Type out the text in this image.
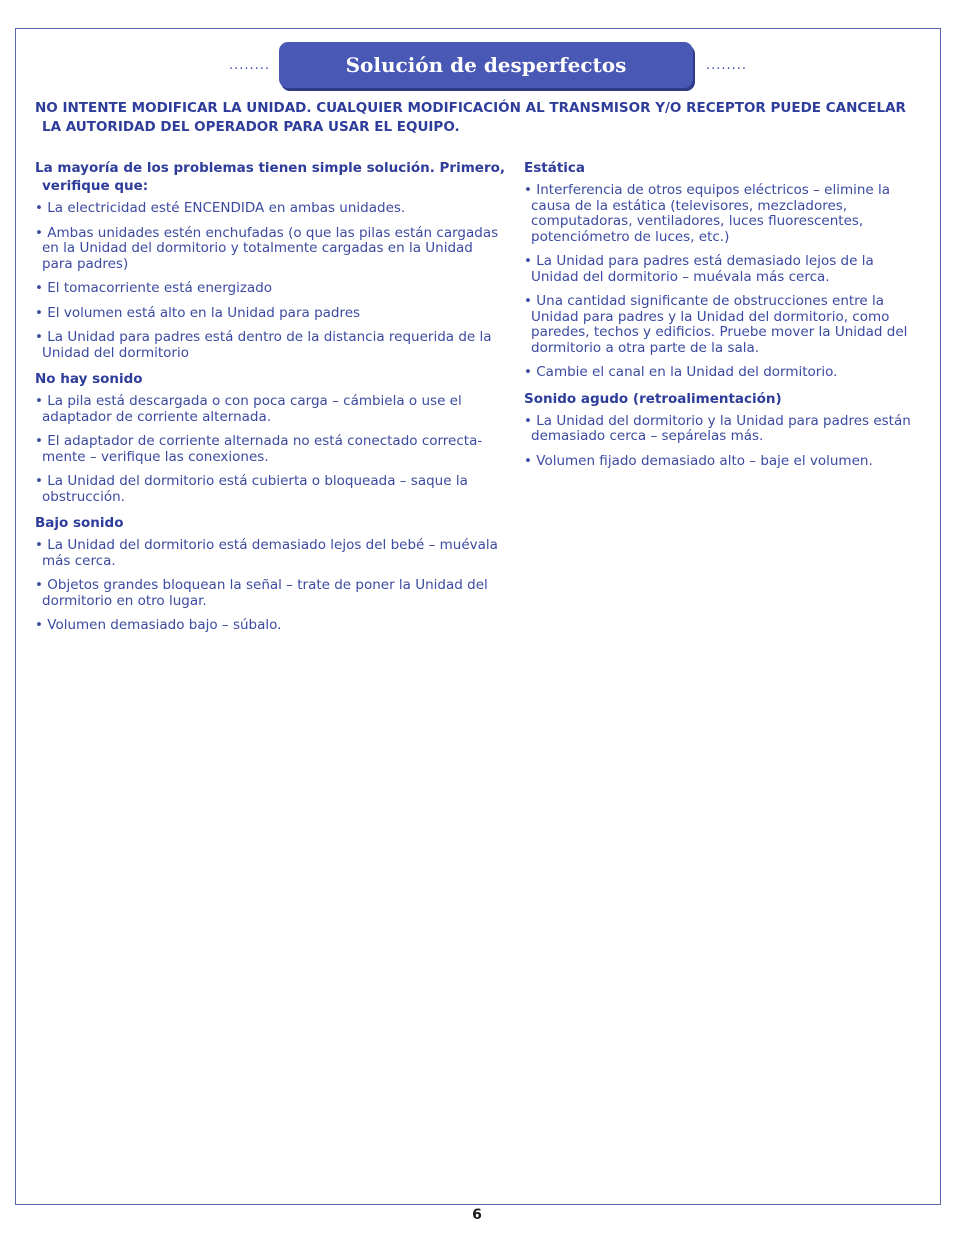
........	Solución de desperfectos	........
NO INTENTE MODIFICAR LA UNIDAD. CUALQUIER MODIFICACIÓN AL TRANSMISOR Y/O RECEPTOR PUEDE CANCELAR LA AUTORIDAD DEL OPERADOR PARA USAR EL EQUIPO.
La mayoría de los problemas tienen simple solución. Primero, verifique que:
• La electricidad esté ENCENDIDA en ambas unidades.
• Ambas unidades estén enchufadas (o que las pilas están cargadas en la Unidad del dormitorio y totalmente cargadas en la Unidad para padres)
• El tomacorriente está energizado
• El volumen está alto en la Unidad para padres
• La Unidad para padres está dentro de la distancia requerida de la Unidad del dormitorio
No hay sonido
• La pila está descargada o con poca carga – cámbiela o use el adaptador de corriente alternada.
• El adaptador de corriente alternada no está conectado correcta-mente – verifique las conexiones.
• La Unidad del dormitorio está cubierta o bloqueada – saque la obstrucción.
Bajo sonido
• La Unidad del dormitorio está demasiado lejos del bebé – muévala más cerca.
• Objetos grandes bloquean la señal – trate de poner la Unidad del dormitorio en otro lugar.
• Volumen demasiado bajo – súbalo.
Estática
• Interferencia de otros equipos eléctricos – elimine la causa de la estática (televisores, mezcladores, computadoras, ventiladores, luces fluorescentes, potenciómetro de luces, etc.)
• La Unidad para padres está demasiado lejos de la Unidad del dormitorio – muévala más cerca.
• Una cantidad significante de obstrucciones entre la Unidad para padres y la Unidad del dormitorio, como paredes, techos y edificios. Pruebe mover la Unidad del dormitorio a otra parte de la sala.
• Cambie el canal en la Unidad del dormitorio.
Sonido agudo (retroalimentación)
• La Unidad del dormitorio y la Unidad para padres están demasiado cerca – sepárelas más.
• Volumen fijado demasiado alto – baje el volumen.
6
